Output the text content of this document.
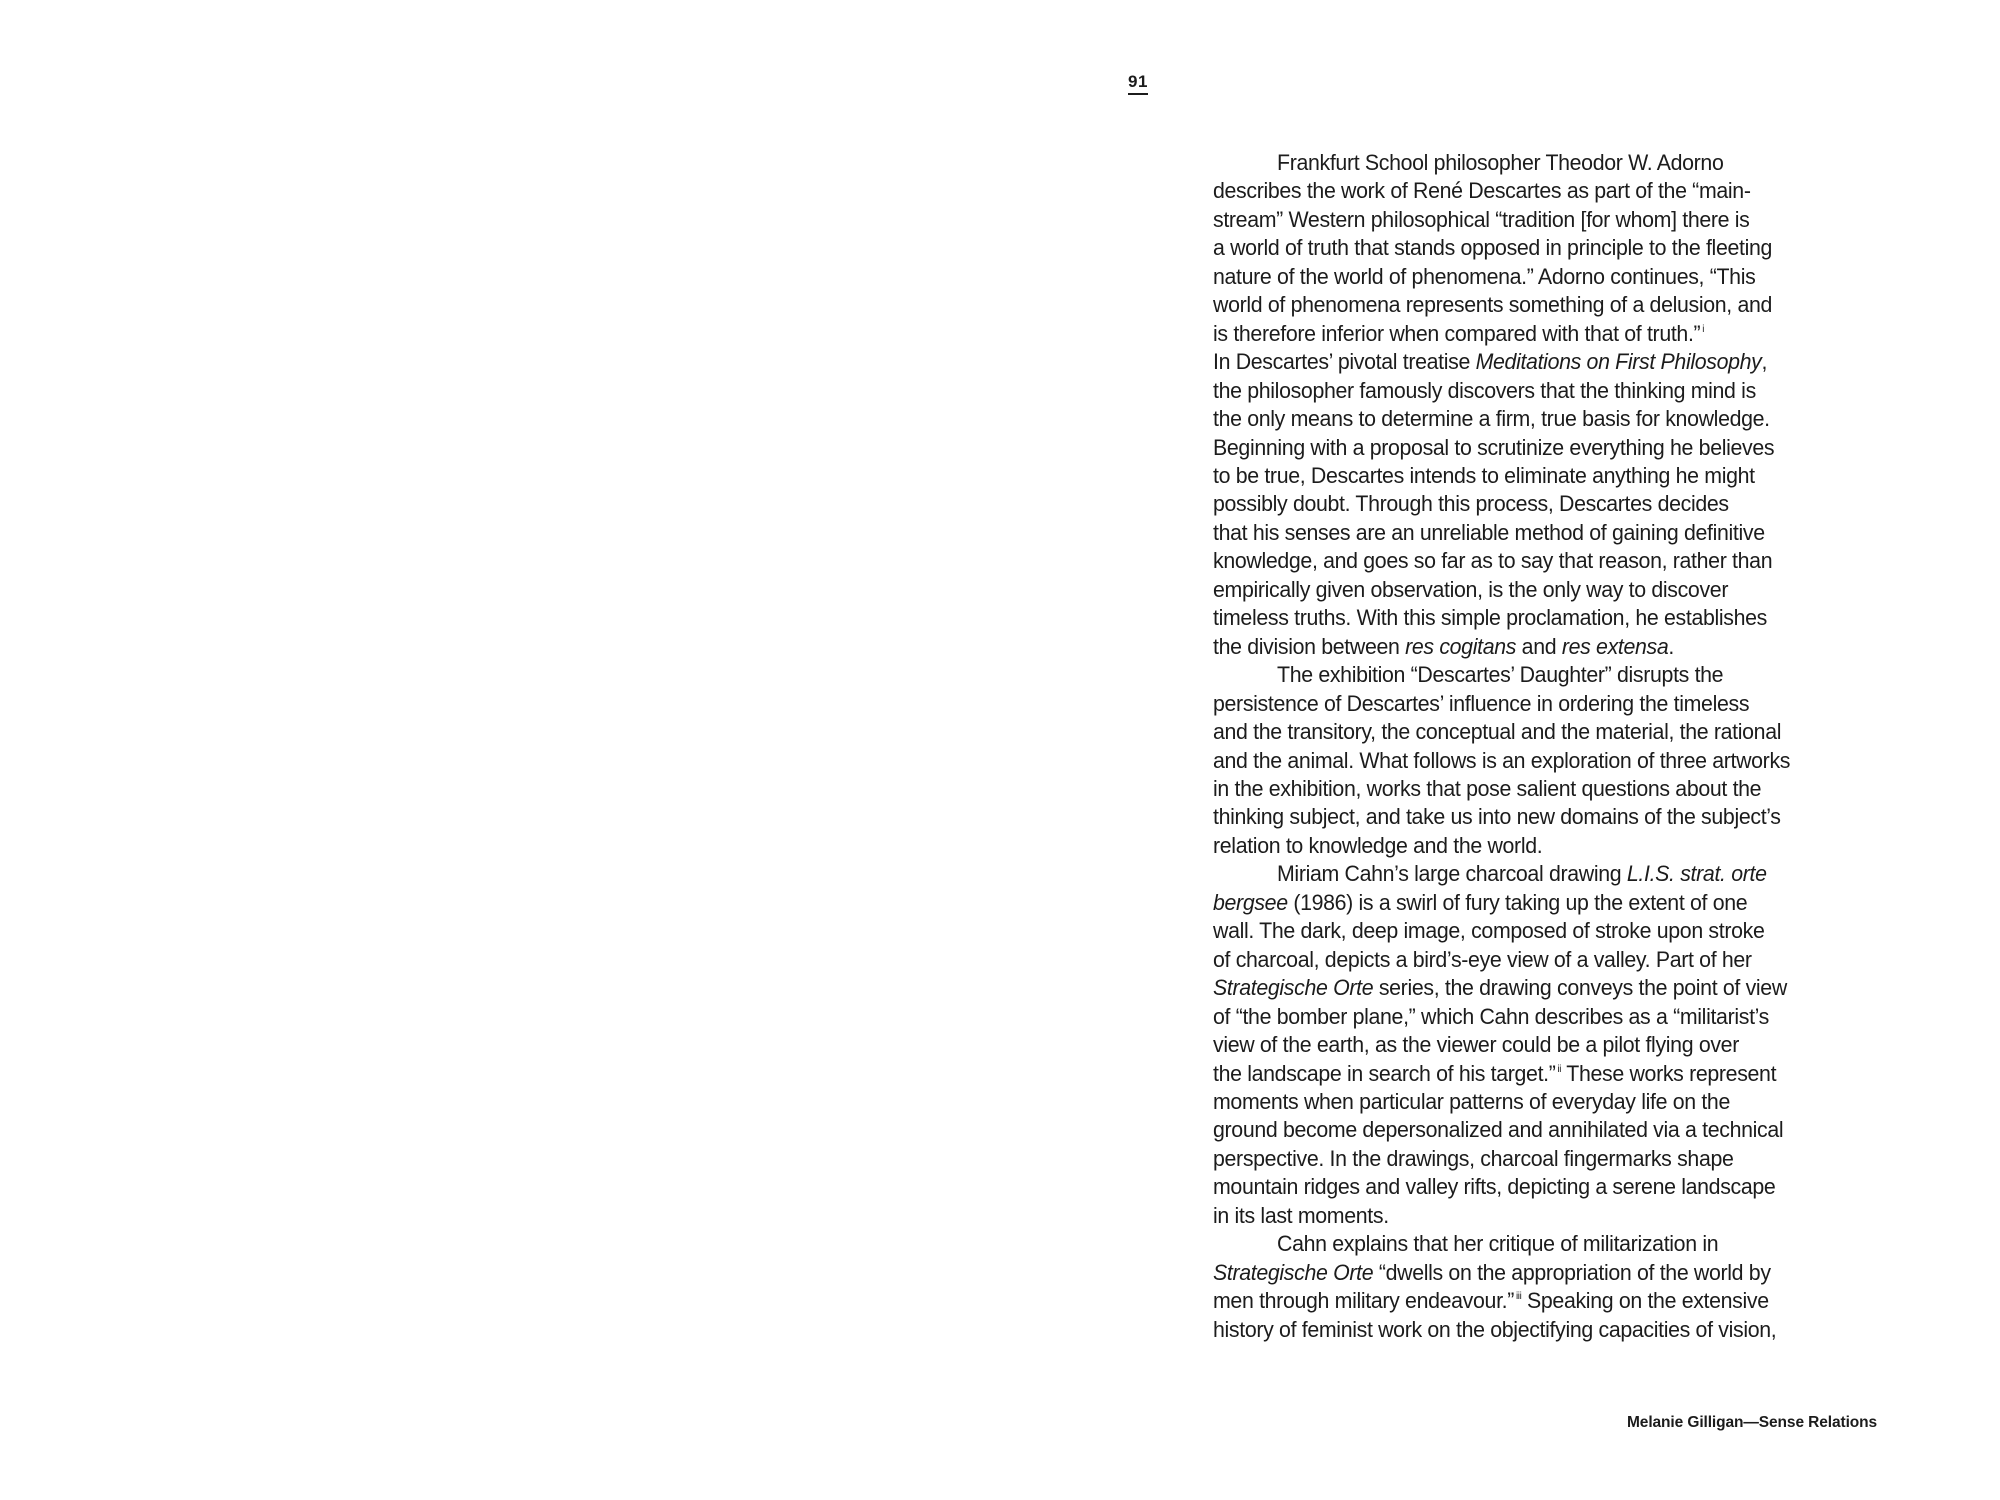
91
Frankfurt School philosopher Theodor W. Adorno
describes the work of René Descartes as part of the “main-
stream” Western philosophical “tradition [for whom] there is
a world of truth that stands opposed in principle to the fleeting
nature of the world of phenomena.” Adorno continues, “This
world of phenomena represents something of a delusion, and
is therefore inferior when compared with that of truth.” $^i$
In Descartes’ pivotal treatise Meditations on First Philosophy,
the philosopher famously discovers that the thinking mind is
the only means to determine a firm, true basis for knowledge.
Beginning with a proposal to scrutinize everything he believes
to be true, Descartes intends to eliminate anything he might
possibly doubt. Through this process, Descartes decides
that his senses are an unreliable method of gaining definitive
knowledge, and goes so far as to say that reason, rather than
empirically given observation, is the only way to discover
timeless truths. With this simple proclamation, he establishes
the division between res cogitans and res extensa.
The exhibition “Descartes’ Daughter” disrupts the
persistence of Descartes’ influence in ordering the timeless
and the transitory, the conceptual and the material, the rational
and the animal. What follows is an exploration of three artworks
in the exhibition, works that pose salient questions about the
thinking subject, and take us into new domains of the subject’s
relation to knowledge and the world.
Miriam Cahn’s large charcoal drawing L.I.S. strat. orte
bergsee (1986) is a swirl of fury taking up the extent of one
wall. The dark, deep image, composed of stroke upon stroke
of charcoal, depicts a bird’s-eye view of a valley. Part of her
Strategische Orte series, the drawing conveys the point of view
of “the bomber plane,” which Cahn describes as a “militarist’s
view of the earth, as the viewer could be a pilot flying over
the landscape in search of his target.” $^{ii}$ These works represent
moments when particular patterns of everyday life on the
ground become depersonalized and annihilated via a technical
perspective. In the drawings, charcoal fingermarks shape
mountain ridges and valley rifts, depicting a serene landscape
in its last moments.
Cahn explains that her critique of militarization in
Strategische Orte “dwells on the appropriation of the world by
men through military endeavour.” $^{iii}$ Speaking on the extensive
history of feminist work on the objectifying capacities of vision,
Melanie Gilligan—Sense Relations
